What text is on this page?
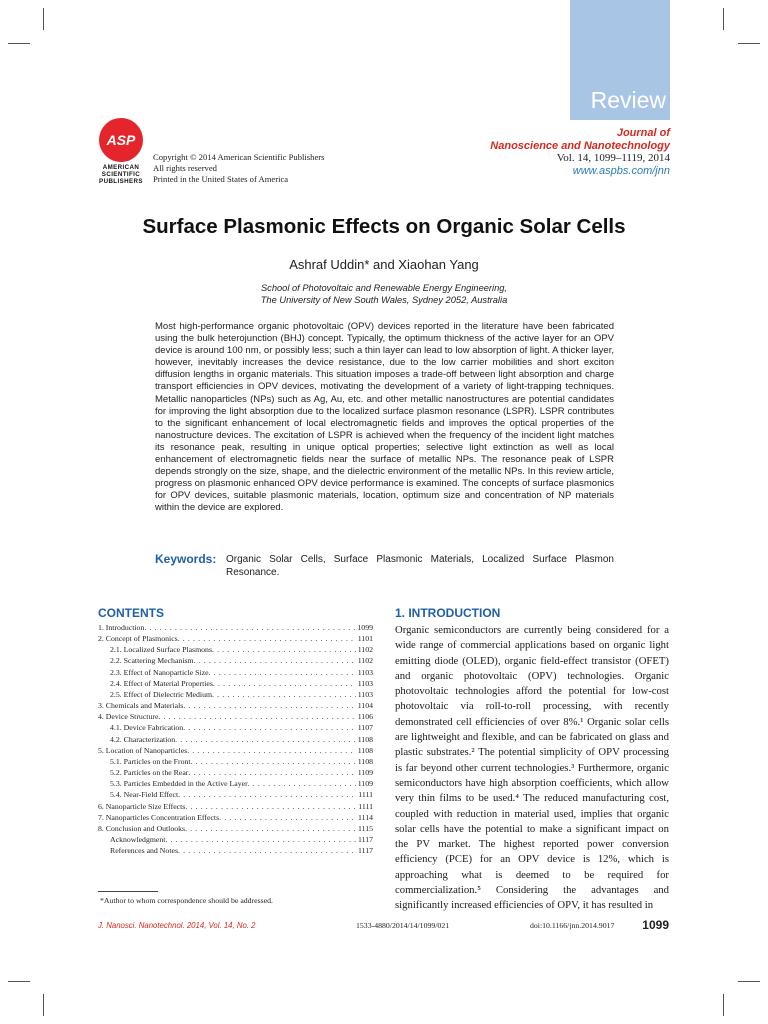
Review
ASP
AMERICAN
SCIENTIFIC
PUBLISHERS
Copyright © 2014 American Scientific Publishers
All rights reserved
Printed in the United States of America
Journal of
Nanoscience and Nanotechnology
Vol. 14, 1099–1119, 2014
www.aspbs.com/jnn
Surface Plasmonic Effects on Organic Solar Cells
Ashraf Uddin* and Xiaohan Yang
School of Photovoltaic and Renewable Energy Engineering,
The University of New South Wales, Sydney 2052, Australia

Most high-performance organic photovoltaic (OPV) devices reported in the literature have been fabricated using the bulk heterojunction (BHJ) concept. Typically, the optimum thickness of the active layer for an OPV device is around 100 nm, or possibly less; such a thin layer can lead to low absorption of light. A thicker layer, however, inevitably increases the device resistance, due to the low carrier mobilities and short exciton diffusion lengths in organic materials. This situation imposes a trade-off between light absorption and charge transport efficiencies in OPV devices, motivating the development of a variety of light-trapping techniques. Metallic nanoparticles (NPs) such as Ag, Au, etc. and other metallic nanostructures are potential candidates for improving the light absorption due to the localized surface plasmon resonance (LSPR). LSPR contributes to the significant enhancement of local electromagnetic fields and improves the optical properties of the nanostructure devices. The excitation of LSPR is achieved when the frequency of the incident light matches its resonance peak, resulting in unique optical properties; selective light extinction as well as local enhancement of electromagnetic fields near the surface of metallic NPs. The resonance peak of LSPR depends strongly on the size, shape, and the dielectric environment of the metallic NPs. In this review article, progress on plasmonic enhanced OPV device performance is examined. The concepts of surface plasmonics for OPV devices, suitable plasmonic materials, location, optimum size and concentration of NP materials within the device are explored.

Keywords: Organic Solar Cells, Surface Plasmonic Materials, Localized Surface Plasmon Resonance.
CONTENTS
1. Introduction . . .	1099
2. Concept of Plasmonics . . .	1101
2.1. Localized Surface Plasmons . . .	1102
2.2. Scattering Mechanism . . .	1102
2.3. Effect of Nanoparticle Size . . .	1103
2.4. Effect of Material Properties . . .	1103
2.5. Effect of Dielectric Medium . . .	1103
3. Chemicals and Materials . . .	1104
4. Device Structure . . .	1106
4.1. Device Fabrication . . .	1107
4.2. Characterization . . .	1108
5. Location of Nanoparticles . . .	1108
5.1. Particles on the Front . . .	1108
5.2. Particles on the Rear . . .	1109
5.3. Particles Embedded in the Active Layer . . .	1109
5.4. Near-Field Effect . . .	1111
6. Nanoparticle Size Effects . . .	1111
7. Nanoparticles Concentration Effects . . .	1114
8. Conclusion and Outlooks . . .	1115
Acknowledgment . . .	1117
References and Notes . . .	1117
*Author to whom correspondence should be addressed.
1. INTRODUCTION

Organic semiconductors are currently being considered for a wide range of commercial applications based on organic light emitting diode (OLED), organic field-effect transistor (OFET) and organic photovoltaic (OPV) technologies. Organic photovoltaic technologies afford the potential for low-cost photovoltaic via roll-to-roll processing, with recently demonstrated cell efficiencies of over 8%.¹ Organic solar cells are lightweight and flexible, and can be fabricated on glass and plastic substrates.² The potential simplicity of OPV processing is far beyond other current technologies.³ Furthermore, organic semiconductors have high absorption coefficients, which allow very thin films to be used.⁴ The reduced manufacturing cost, coupled with reduction in material used, implies that organic solar cells have the potential to make a significant impact on the PV market. The highest reported power conversion efficiency (PCE) for an OPV device is 12%, which is approaching what is deemed to be required for commercialization.⁵ Considering the advantages and significantly increased efficiencies of OPV, it has resulted in

J. Nanosci. Nanotechnol. 2014, Vol. 14, No. 2	1533-4880/2014/14/1099/021	doi:10.1166/jnn.2014.9017 1099
